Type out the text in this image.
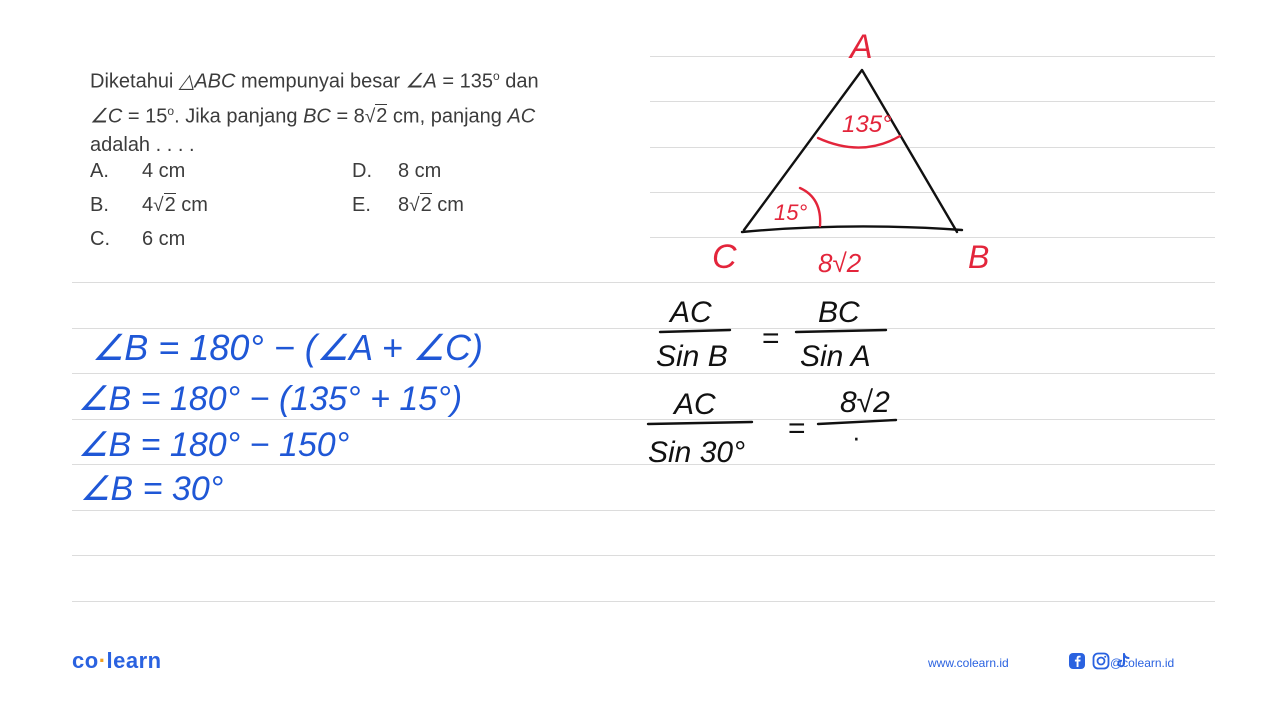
Diketahui △ABC mempunyai besar ∠A = $135^o$ dan

∠C = $15^o$. Jika panjang BC = 8√2 cm, panjang AC

adalah . . . .

A. 4 cm
B. 4√2 cm
C. 6 cm
D. 8 cm
E. 8√2 cm
A
C	B
135°
15°
8√2
∠B = 180° − (∠A + ∠C)
∠B = 180° − (135° + 15°)
∠B = 180° − 150°
∠B = 30°
AC
Sin B
=
BC
Sin A
AC
Sin 30°
=
8√2
·
co·learn	www.colearn.id	@colearn.id
